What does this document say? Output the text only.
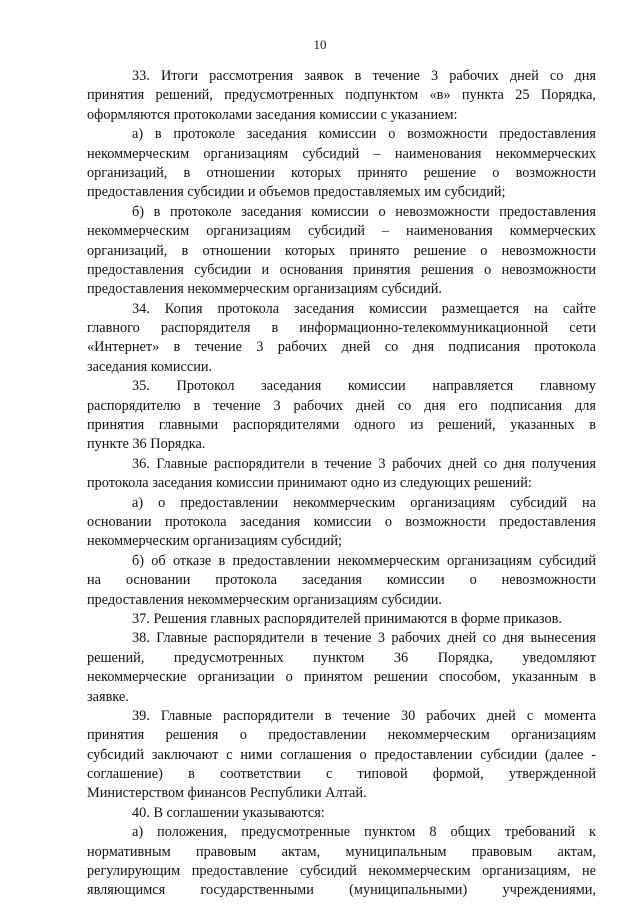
10
33. Итоги рассмотрения заявок в течение 3 рабочих дней со дня
принятия решений, предусмотренных подпунктом «в» пункта 25 Порядка,
оформляются протоколами заседания комиссии с указанием:
а) в протоколе заседания комиссии о возможности предоставления
некоммерческим организациям субсидий – наименования некоммерческих
организаций, в отношении которых принято решение о возможности
предоставления субсидии и объемов предоставляемых им субсидий;
б) в протоколе заседания комиссии о невозможности предоставления
некоммерческим организациям субсидий – наименования коммерческих
организаций, в отношении которых принято решение о невозможности
предоставления субсидии и основания принятия решения о невозможности
предоставления некоммерческим организациям субсидий.
34. Копия протокола заседания комиссии размещается на сайте
главного распорядителя в информационно-телекоммуникационной сети
«Интернет» в течение 3 рабочих дней со дня подписания протокола
заседания комиссии.
35. Протокол заседания комиссии направляется главному
распорядителю в течение 3 рабочих дней со дня его подписания для
принятия главными распорядителями одного из решений, указанных в
пункте 36 Порядка.
36. Главные распорядители в течение 3 рабочих дней со дня получения
протокола заседания комиссии принимают одно из следующих решений:
а) о предоставлении некоммерческим организациям субсидий на
основании протокола заседания комиссии о возможности предоставления
некоммерческим организациям субсидий;
б) об отказе в предоставлении некоммерческим организациям субсидий
на основании протокола заседания комиссии о невозможности
предоставления некоммерческим организациям субсидии.
37. Решения главных распорядителей принимаются в форме приказов.
38. Главные распорядители в течение 3 рабочих дней со дня вынесения
решений, предусмотренных пунктом 36 Порядка, уведомляют
некоммерческие организации о принятом решении способом, указанным в
заявке.
39. Главные распорядители в течение 30 рабочих дней с момента
принятия решения о предоставлении некоммерческим организациям
субсидий заключают с ними соглашения о предоставлении субсидии (далее -
соглашение) в соответствии с типовой формой, утвержденной
Министерством финансов Республики Алтай.
40. В соглашении указываются:
а) положения, предусмотренные пунктом 8 общих требований к
нормативным правовым актам, муниципальным правовым актам,
регулирующим предоставление субсидий некоммерческим организациям, не
являющимся государственными (муниципальными) учреждениями,
